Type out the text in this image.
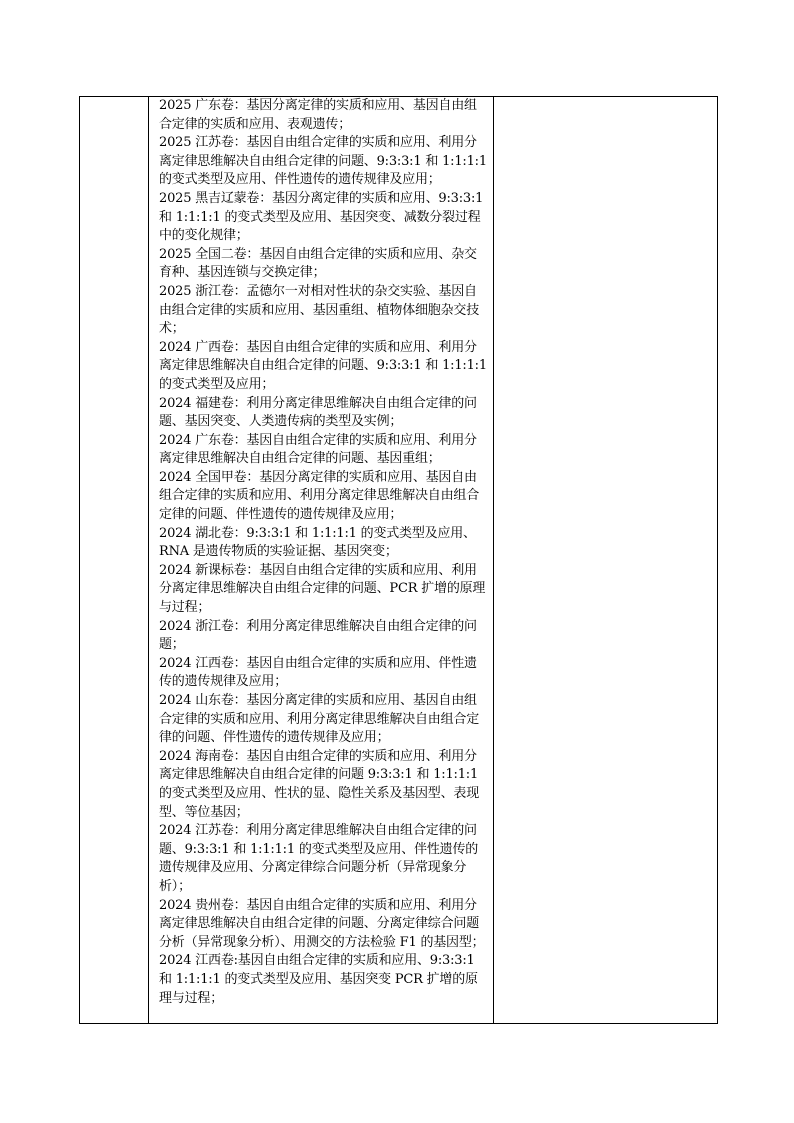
2025 广东卷：基因分离定律的实质和应用、基因自由组合定律的实质和应用、表观遗传；

2025 江苏卷：基因自由组合定律的实质和应用、利用分离定律思维解决自由组合定律的问题、9:3:3:1 和 1:1:1:1 的变式类型及应用、伴性遗传的遗传规律及应用；

2025 黑吉辽蒙卷：基因分离定律的实质和应用、9:3:3:1 和 1:1:1:1 的变式类型及应用、基因突变、减数分裂过程中的变化规律；

2025 全国二卷：基因自由组合定律的实质和应用、杂交育种、基因连锁与交换定律；

2025 浙江卷：孟德尔一对相对性状的杂交实验、基因自由组合定律的实质和应用、基因重组、植物体细胞杂交技术；

2024 广西卷：基因自由组合定律的实质和应用、利用分离定律思维解决自由组合定律的问题、9:3:3:1 和 1:1:1:1 的变式类型及应用；

2024 福建卷：利用分离定律思维解决自由组合定律的问题、基因突变、人类遗传病的类型及实例；

2024 广东卷：基因自由组合定律的实质和应用、利用分离定律思维解决自由组合定律的问题、基因重组；

2024 全国甲卷：基因分离定律的实质和应用、基因自由组合定律的实质和应用、利用分离定律思维解决自由组合定律的问题、伴性遗传的遗传规律及应用；

2024 湖北卷：9:3:3:1 和 1:1:1:1 的变式类型及应用、RNA 是遗传物质的实验证据、基因突变；

2024 新课标卷：基因自由组合定律的实质和应用、利用分离定律思维解决自由组合定律的问题、PCR 扩增的原理与过程；

2024 浙江卷：利用分离定律思维解决自由组合定律的问题；

2024 江西卷：基因自由组合定律的实质和应用、伴性遗传的遗传规律及应用；

2024 山东卷：基因分离定律的实质和应用、基因自由组合定律的实质和应用、利用分离定律思维解决自由组合定律的问题、伴性遗传的遗传规律及应用；

2024 海南卷：基因自由组合定律的实质和应用、利用分离定律思维解决自由组合定律的问题 9:3:3:1 和 1:1:1:1 的变式类型及应用、性状的显、隐性关系及基因型、表现型、等位基因；

2024 江苏卷：利用分离定律思维解决自由组合定律的问题、9:3:3:1 和 1:1:1:1 的变式类型及应用、伴性遗传的遗传规律及应用、分离定律综合问题分析（异常现象分析）；

2024 贵州卷：基因自由组合定律的实质和应用、利用分离定律思维解决自由组合定律的问题、分离定律综合问题分析（异常现象分析）、用测交的方法检验 F1 的基因型；

2024 江西卷:基因自由组合定律的实质和应用、9:3:3:1 和 1:1:1:1 的变式类型及应用、基因突变 PCR 扩增的原理与过程；
